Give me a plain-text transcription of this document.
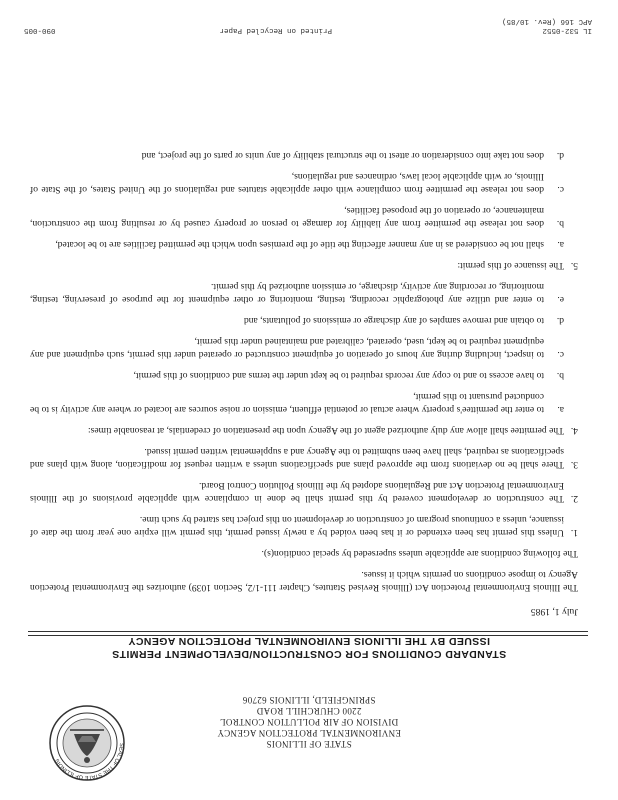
STATE OF ILLINOIS
ENVIRONMENTAL PROTECTION AGENCY
DIVISION OF AIR POLLUTION CONTROL
2200 CHURCHILL ROAD
SPRINGFIELD, ILLINOIS 62706
SEAL OF THE STATE OF ILLINOIS
STANDARD CONDITIONS FOR CONSTRUCTION/DEVELOPMENT PERMITS
ISSUED BY THE ILLINOIS ENVIRONMENTAL PROTECTION AGENCY

July 1, 1985

The Illinois Environmental Protection Act (Illinois Revised Statutes, Chapter 111-1/2, Section 1039) authorizes the Environmental Protection Agency to impose conditions on permits which it issues.

The following conditions are applicable unless superseded by special condition(s).

1.
Unless this permit has been extended or it has been voided by a newly issued permit, this permit will expire one year from the date of issuance, unless a continuous program of construction or development on this project has started by such time.
2.
The construction or development covered by this permit shall be done in compliance with applicable provisions of the Illinois Environmental Protection Act and Regulations adopted by the Illinois Pollution Control Board.
3.
There shall be no deviations from the approved plans and specifications unless a written request for modification, along with plans and specifications as required, shall have been submitted to the Agency and a supplemental written permit issued.
4.
The permittee shall allow any duly authorized agent of the Agency upon the presentation of credentials, at reasonable times:
a.
to enter the permittee's property where actual or potential effluent, emission or noise sources are located or where any activity is to be conducted pursuant to this permit,
b.
to have access to and to copy any records required to be kept under the terms and conditions of this permit,
c.
to inspect, including during any hours of operation of equipment constructed or operated under this permit, such equipment and any equipment required to be kept, used, operated, calibrated and maintained under this permit,
d.
to obtain and remove samples of any discharge or emissions of pollutants, and
e.
to enter and utilize any photographic recording, testing, monitoring or other equipment for the purpose of preserving, testing, monitoring, or recording any activity, discharge, or emission authorized by this permit.
5.
The issuance of this permit:
a.
shall not be considered as in any manner affecting the title of the premises upon which the permitted facilities are to be located,
b.
does not release the permittee from any liability for damage to person or property caused by or resulting from the construction, maintenance, or operation of the proposed facilities,
c.
does not release the permittee from compliance with other applicable statutes and regulations of the United States, of the State of Illinois, or with applicable local laws, ordinances and regulations,
d.
does not take into consideration or attest to the structural stability of any units or parts of the project, and
IL 532-0552
APC 166 (Rev. 10/85)
Printed on Recycled Paper
090-005
